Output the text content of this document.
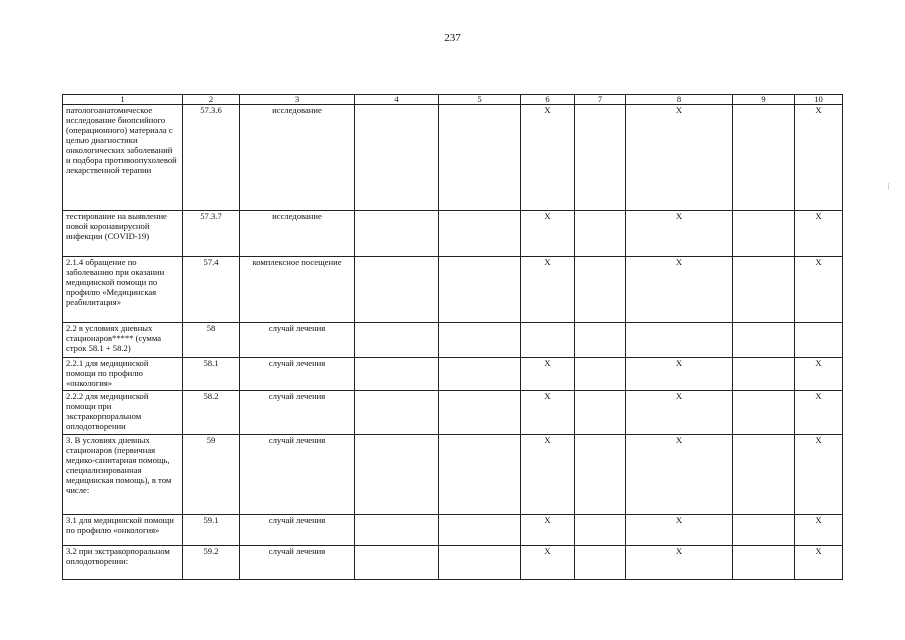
237
1	2	3	4	5	6	7	8	9	10
патологоанатомическое исследование биопсийного (операционного) материала с целью диагностики онкологических заболеваний и подбора противоопухолевой лекарственной терапии	57.3.6	исследование			Х		Х		Х
тестирование на выявление новой коронавирусной инфекции (COVID-19)	57.3.7	исследование			Х		Х		Х
2.1.4 обращение по заболеванию при оказании медицинской помощи по профилю «Медицинская реабилитация»	57.4	комплексное посещение			Х		Х		Х
2.2 в условиях дневных стационаров***** (сумма строк 58.1 + 58.2)	58	случай лечения							
2.2.1 для медицинской помощи по профилю «онкология»	58.1	случай лечения			Х		Х		Х
2.2.2 для медицинской помощи при экстракорпоральном оплодотворении	58.2	случай лечения			Х		Х		Х
3. В условиях дневных стационаров (первичная медико-санитарная помощь, специализированная медицинская помощь), в том числе:	59	случай лечения			Х		Х		Х
3.1 для медицинской помощи по профилю «онкология»	59.1	случай лечения			Х		Х		Х
3.2 при экстракорпоральном оплодотворении:	59.2	случай лечения			Х		Х		Х
